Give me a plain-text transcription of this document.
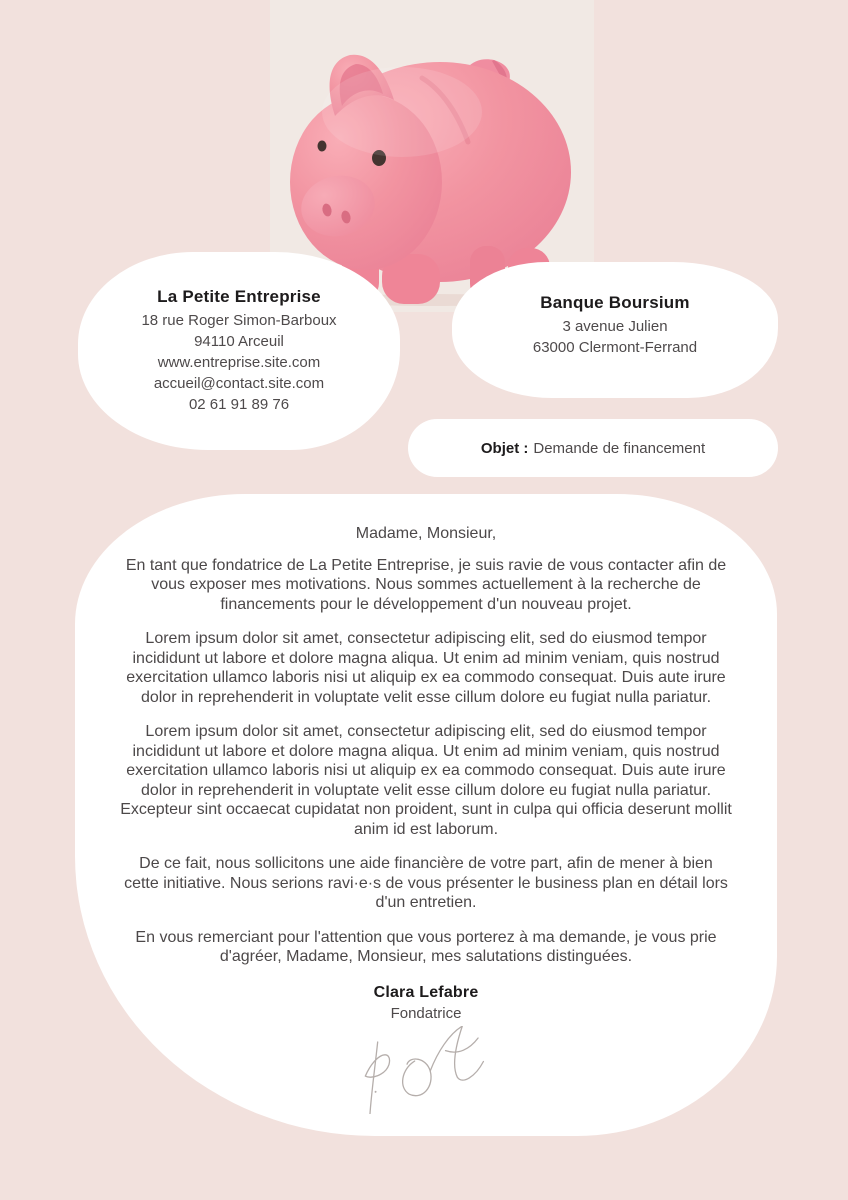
La Petite Entreprise
18 rue Roger Simon-Barboux
94110 Arceuil
www.entreprise.site.com
accueil@contact.site.com
02 61 91 89 76
Banque Boursium
3 avenue Julien
63000 Clermont-Ferrand
Objet : Demande de financement
Madame, Monsieur,

En tant que fondatrice de La Petite Entreprise, je suis ravie de vous contacter afin de vous exposer mes motivations. Nous sommes actuellement à la recherche de financements pour le développement d'un nouveau projet.

Lorem ipsum dolor sit amet, consectetur adipiscing elit, sed do eiusmod tempor incididunt ut labore et dolore magna aliqua. Ut enim ad minim veniam, quis nostrud exercitation ullamco laboris nisi ut aliquip ex ea commodo consequat. Duis aute irure dolor in reprehenderit in voluptate velit esse cillum dolore eu fugiat nulla pariatur.

Lorem ipsum dolor sit amet, consectetur adipiscing elit, sed do eiusmod tempor incididunt ut labore et dolore magna aliqua. Ut enim ad minim veniam, quis nostrud exercitation ullamco laboris nisi ut aliquip ex ea commodo consequat. Duis aute irure dolor in reprehenderit in voluptate velit esse cillum dolore eu fugiat nulla pariatur. Excepteur sint occaecat cupidatat non proident, sunt in culpa qui officia deserunt mollit anim id est laborum.

De ce fait, nous sollicitons une aide financière de votre part, afin de mener à bien cette initiative. Nous serions ravi·e·s de vous présenter le business plan en détail lors d'un entretien.

En vous remerciant pour l'attention que vous porterez à ma demande, je vous prie d'agréer, Madame, Monsieur, mes salutations distinguées.

Clara Lefabre
Fondatrice
